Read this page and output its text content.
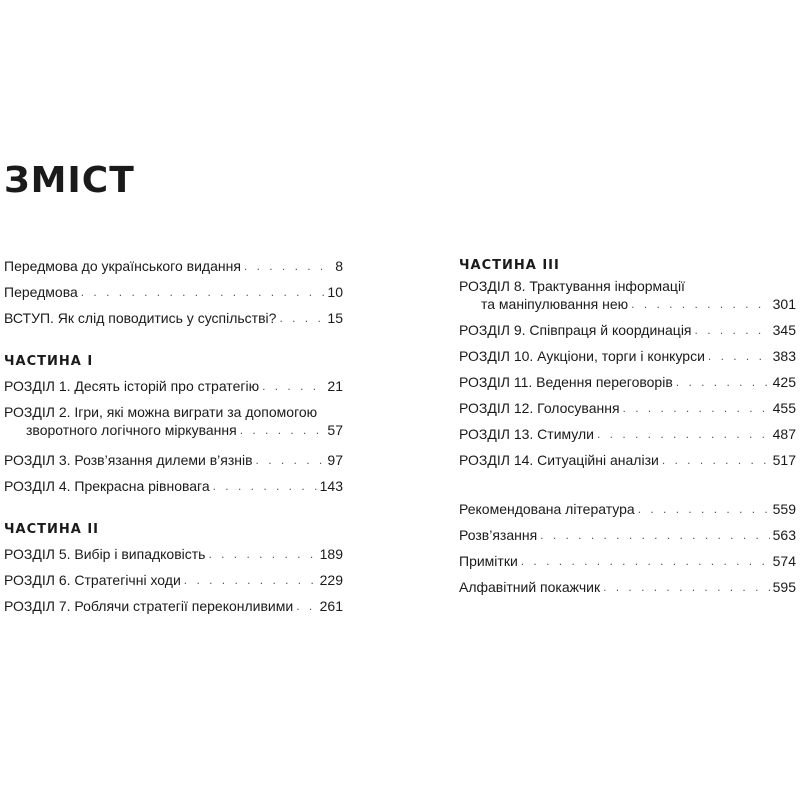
ЗМІСТ
Передмова до українського видання . . .	8
Передмова . . .	10
ВСТУП. Як слід поводитись у суспільстві? . . .	15
ЧАСТИНА I
РОЗДІЛ 1. Десять історій про стратегію . . .	21
РОЗДІЛ 2. Ігри, які можна виграти за допомогою
зворотного логічного міркування . . .	57
РОЗДІЛ 3. Розв’язання дилеми в’язнів . . .	97
РОЗДІЛ 4. Прекрасна рівновага . . .	143
ЧАСТИНА II
РОЗДІЛ 5. Вибір і випадковість . . .	189
РОЗДІЛ 6. Стратегічні ходи . . .	229
РОЗДІЛ 7. Роблячи стратегії переконливими . . . 261
ЧАСТИНА III
РОЗДІЛ 8. Трактування інформації
та маніпулювання нею . . .	301
РОЗДІЛ 9. Співпраця й координація . . .	345
РОЗДІЛ 10. Аукціони, торги і конкурси . . .	383
РОЗДІЛ 11. Ведення переговорів . . .	425
РОЗДІЛ 12. Голосування . . .	455
РОЗДІЛ 13. Стимули . . .	487
РОЗДІЛ 14. Ситуаційні аналізи . . .	517
Рекомендована література . . .	559
Розв’язання . . .	563
Примітки . . .	574
Алфавітний покажчик . . .	595
